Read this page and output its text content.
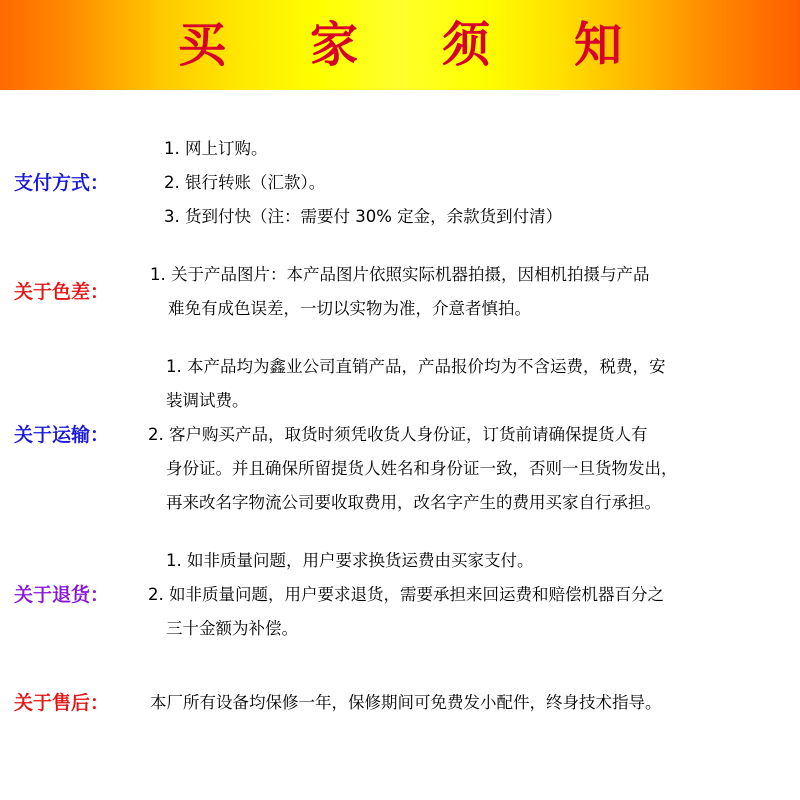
买　家　须　知
支付方式：
1. 网上订购。
2. 银行转账（汇款）。
3. 货到付快（注：需要付 30% 定金，余款货到付清）
关于色差：
1. 关于产品图片：本产品图片依照实际机器拍摄，因相机拍摄与产品
难免有成色误差，一切以实物为准，介意者慎拍。
关于运输：
1. 本产品均为鑫业公司直销产品，产品报价均为不含运费，税费，安
装调试费。
2. 客户购买产品，取货时须凭收货人身份证，订货前请确保提货人有
身份证。并且确保所留提货人姓名和身份证一致，否则一旦货物发出，
再来改名字物流公司要收取费用，改名字产生的费用买家自行承担。
关于退货：
1. 如非质量问题，用户要求换货运费由买家支付。
2. 如非质量问题，用户要求退货，需要承担来回运费和赔偿机器百分之
三十金额为补偿。
关于售后：	本厂所有设备均保修一年，保修期间可免费发小配件，终身技术指导。
